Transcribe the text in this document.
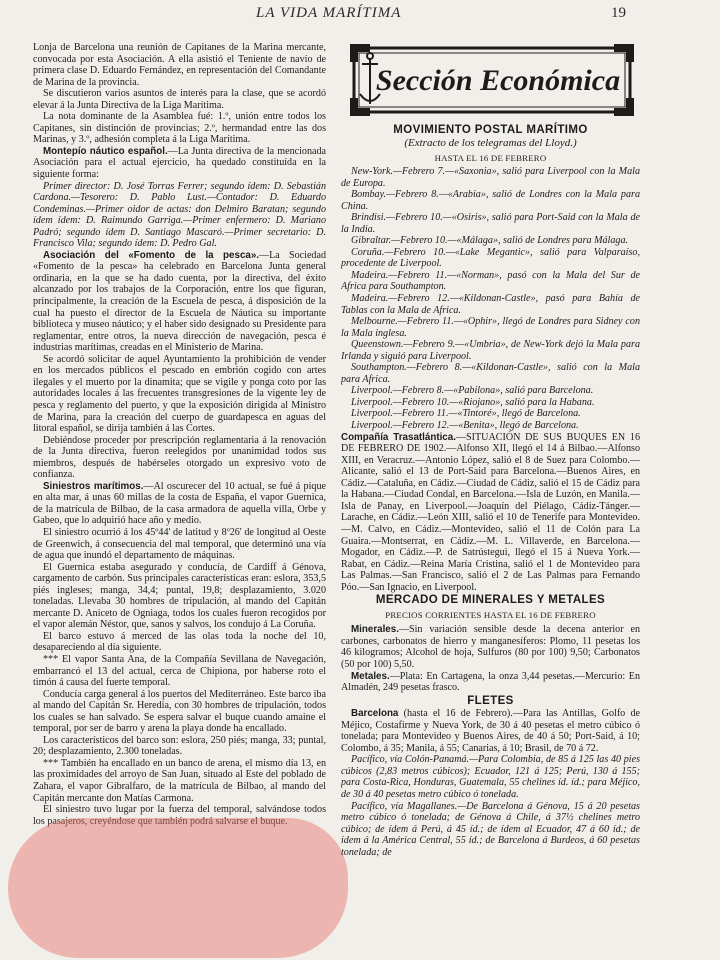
LA VIDA MARÍTIMA	19

Lonja de Barcelona una reunión de Capitanes de la Marina mercante, convocada por esta Asociación. A ella asistió el Teniente de navío de primera clase D. Eduardo Fernández, en representación del Comandante de Marina de la provincia.

Se discutieron varios asuntos de interés para la clase, que se acordó elevar á la Junta Directiva de la Liga Marítima.

La nota dominante de la Asamblea fué: 1.º, unión entre todos los Capitanes, sin distinción de provincias; 2.º, hermandad entre las dos Marinas, y 3.º, adhesión completa á la Liga Marítima.

Montepío náutico español.—La Junta directiva de la mencionada Asociación para el actual ejercicio, ha quedado constituída en la siguiente forma:

Primer director: D. José Torras Ferrer; segundo ídem: D. Sebastián Cardona.—Tesorero: D. Pablo Lust.—Contador: D. Eduardo Condeminas.—Primer oidor de actas: don Delmiro Baratan; segundo ídem ídem: D. Raimundo Garriga.—Primer enfermero: D. Mariano Padró; segundo ídem D. Santiago Mascaró.—Primer secretario: D. Francisco Vila; segundo ídem: D. Pedro Gal.

Asociación del «Fomento de la pesca».—La Sociedad «Fomento de la pesca» ha celebrado en Barcelona Junta general ordinaria, en la que se ha dado cuenta, por la directiva, del éxito alcanzado por los trabajos de la Corporación, entre los que figuran, principalmente, la creación de la Escuela de pesca, á disposición de la cual ha puesto el director de la Escuela de Náutica su importante biblioteca y museo náutico; y el haber sido designado su Presidente para reglamentar, entre otros, la nueva dirección de navegación, pesca é industrias marítimas, creadas en el Ministerio de Marina.

Se acordó solicitar de aquel Ayuntamiento la prohibición de vender en los mercados públicos el pescado en embrión cogido con artes ilegales y el muerto por la dinamita; que se vigile y ponga coto por las autoridades locales á las frecuentes transgresiones de la vigente ley de pesca y reglamento del puerto, y que la exposición dirigida al Ministro de Marina, para la creación del cuerpo de guardapesca en aguas del litoral español, se dirija también á las Cortes.

Debiéndose proceder por prescripción reglamentaria á la renovación de la Junta directiva, fueron reelegidos por unanimidad todos sus miembros, después de habérseles otorgado un expresivo voto de confianza.

Siniestros marítimos.—Al oscurecer del 10 actual, se fué á pique en alta mar, á unas 60 millas de la costa de España, el vapor Guernica, de la matrícula de Bilbao, de la casa armadora de aquella villa, Orbe y Gabeo, que lo adquirió hace año y medio.

El siniestro ocurrió á los 45º44' de latitud y 8º26' de longitud al Oeste de Greenwich, á consecuencia del mal temporal, que determinó una vía de agua que inundó el departamento de máquinas.

El Guernica estaba asegurado y conducía, de Cardiff á Génova, cargamento de carbón. Sus principales características eran: eslora, 353,5 piés ingleses; manga, 34,4; puntal, 19,8; desplazamiento, 3.020 toneladas. Llevaba 30 hombres de tripulación, al mando del Capitán mercante D. Aniceto de Ogniaga, todos los cuales fueron recogidos por el vapor alemán Néstor, que, sanos y salvos, los condujo á La Coruña.

El barco estuvo á merced de las olas toda la noche del 10, desapareciendo al día siguiente.

*** El vapor Santa Ana, de la Compañía Sevillana de Navegación, embarrancó el 13 del actual, cerca de Chipiona, por haberse roto el timón á causa del fuerte temporal.

Conducía carga general á los puertos del Mediterráneo. Este barco iba al mando del Capitán Sr. Heredia, con 30 hombres de tripulación, todos los cuales se han salvado. Se espera salvar el buque cuando amaine el temporal, por ser de barro y arena la playa donde ha encallado.

Los característicos del barco son: eslora, 250 piés; manga, 33; puntal, 20; desplazamiento, 2.300 toneladas.

*** También ha encallado en un banco de arena, el mismo día 13, en las proximidades del arroyo de San Juan, situado al Este del poblado de Zahara, el vapor Gibralfaro, de la matrícula de Bilbao, al mando del Capitán mercante don Matías Carmona.

El siniestro tuvo lugar por la fuerza del temporal, salvándose todos los pasajeros, creyéndose que también podrá salvarse el buque.

Sección Económica
MOVIMIENTO POSTAL MARÍTIMO
(Extracto de los telegramas del Lloyd.)
HASTA EL 16 DE FEBRERO

New-York.—Febrero 7.—«Saxonia», salió para Liverpool con la Mala de Europa.

Bombay.—Febrero 8.—«Arabia», salió de Londres con la Mala para China.

Brindisi.—Febrero 10.—«Osiris», salió para Port-Said con la Mala de la India.

Gibraltar.—Febrero 10.—«Málaga», salió de Londres para Málaga.

Coruña.—Febrero 10.—«Lake Megantic», salió para Valparaíso, procedente de Liverpool.

Madeira.—Febrero 11.—«Norman», pasó con la Mala del Sur de Africa para Southampton.

Madeira.—Febrero 12.—«Kildonan-Castle», pasó para Bahía de Tablas con la Mala de Africa.

Melbourne.—Febrero 11.—«Ophir», llegó de Londres para Sidney con la Mala inglesa.

Queenstown.—Febrero 9.—«Umbria», de New-York dejó la Mala para Irlanda y siguió para Liverpool.

Southampton.—Febrero 8.—«Kildonan-Castle», salió con la Mala para Africa.

Liverpool.—Febrero 8.—«Pabilona», salió para Barcelona.

Liverpool.—Febrero 10.—«Riojano», salió para la Habana.

Liverpool.—Febrero 11.—«Tintoré», llegó de Barcelona.

Liverpool.—Febrero 12.—«Benita», llegó de Barcelona.

Compañía Trasatlántica.—SITUACIÓN DE SUS BUQUES EN 16 DE FEBRERO DE 1902.—Alfonso XII, llegó el 14 á Bilbao.—Alfonso XIII, en Veracruz.—Antonio López, salió el 8 de Suez para Colombo.—Alicante, salió el 13 de Port-Said para Barcelona.—Buenos Aires, en Cádiz.—Cataluña, en Cádiz.—Ciudad de Cádiz, salió el 15 de Cádiz para la Habana.—Ciudad Condal, en Barcelona.—Isla de Luzón, en Manila.—Isla de Panay, en Liverpool.—Joaquín del Piélago, Cádiz-Tánger.—Larache, en Cádiz.—León XIII, salió el 10 de Tenerife para Montevideo.—M. Calvo, en Cádiz.—Montevideo, salió el 11 de Colón para La Guaira.—Montserrat, en Cádiz.—M. L. Villaverde, en Barcelona.—Mogador, en Cádiz.—P. de Satrústegui, llegó el 15 á Nueva York.—Rabat, en Cádiz.—Reina María Cristina, salió el 1 de Montevideo para Las Palmas.—San Francisco, salió el 2 de Las Palmas para Fernando Póo.—San Ignacio, en Liverpool.

MERCADO DE MINERALES Y METALES
PRECIOS CORRIENTES HASTA EL 16 DE FEBRERO

Minerales.—Sin variación sensible desde la decena anterior en carbones, carbonatos de hierro y manganesíferos: Plomo, 11 pesetas los 46 kilogramos; Alcohol de hoja, Sulfuros (80 por 100) 9,50; Carbonatos (50 por 100) 5,50.

Metales.—Plata: En Cartagena, la onza 3,44 pesetas.—Mercurio: En Almadén, 249 pesetas frasco.

FLETES

Barcelona (hasta el 16 de Febrero).—Para las Antillas, Golfo de Méjico, Costafirme y Nueva York, de 30 á 40 pesetas el metro cúbico ó tonelada; para Montevideo y Buenos Aires, de 40 á 50; Port-Said, á 10; Colombo, á 35; Manila, á 55; Canarias, á 10; Brasil, de 70 á 72.

Pacífico, vía Colón-Panamá.—Para Colombia, de 85 á 125 las 40 pies cúbicos (2,83 metros cúbicos); Ecuador, 121 á 125; Perú, 130 á 155; para Costa-Rica, Honduras, Guatemala, 55 chelines íd. íd.; para Méjico, de 30 á 40 pesetas metro cúbico ó tonelada.

Pacífico, vía Magallanes.—De Barcelona á Génova, 15 á 20 pesetas metro cúbico ó tonelada; de Génova á Chile, á 37½ chelines metro cúbico; de ídem á Perú, á 45 íd.; de ídem al Ecuador, 47 á 60 íd.; de ídem á la América Central, 55 íd.; de Barcelona á Burdeos, á 60 pesetas tonelada; de
